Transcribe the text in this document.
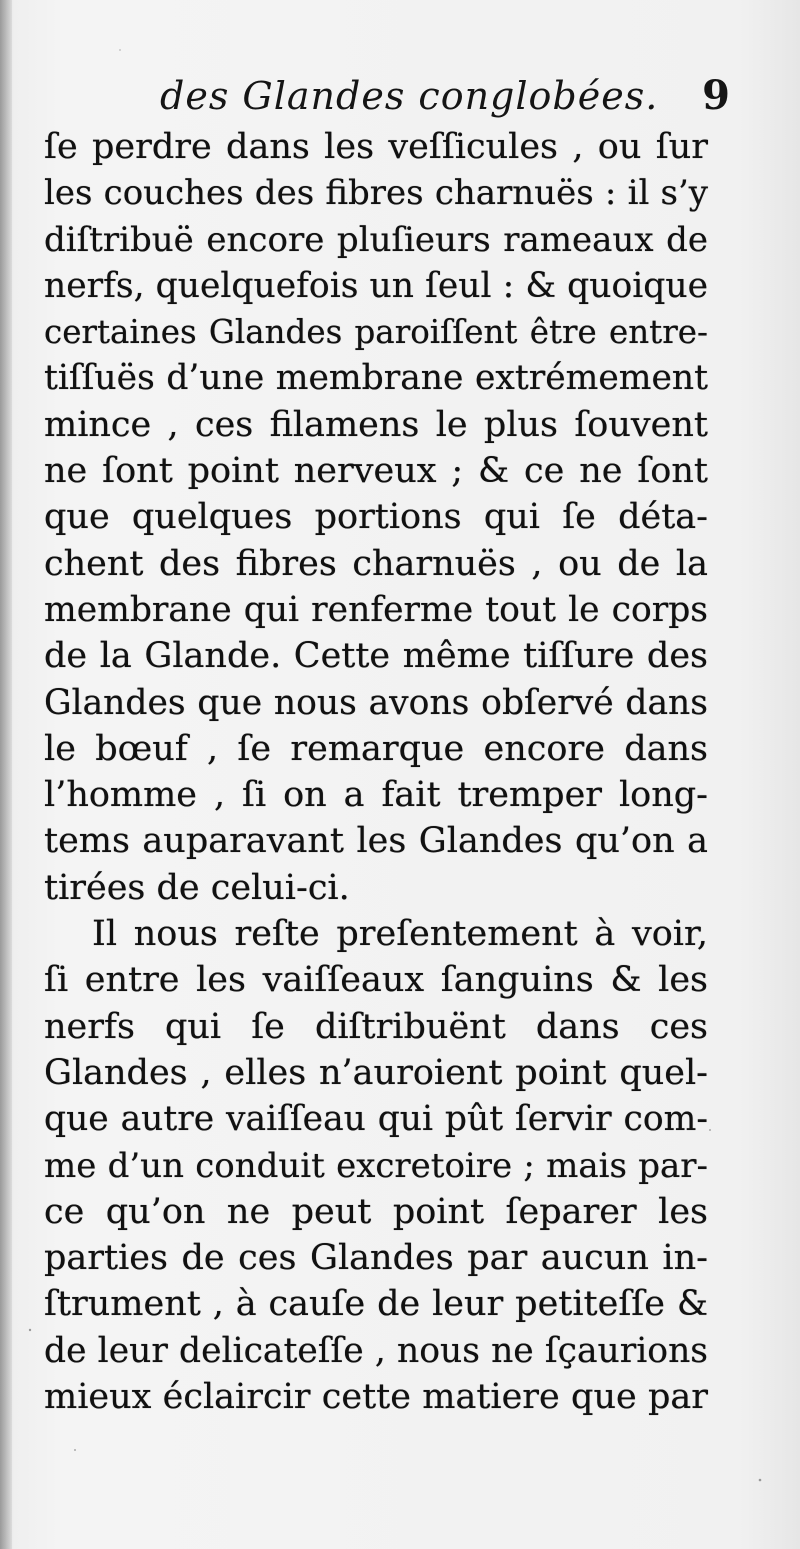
des Glandes conglobées. 9
ſe perdre dans les veſſicules , ou ſur
les couches des fibres charnuës : il s’y
diſtribuë encore pluſieurs rameaux de
nerfs, quelquefois un ſeul : & quoique
certaines Glandes paroiſſent être entre-
tiſſuës d’une membrane extrémement
mince , ces filamens le plus ſouvent
ne ſont point nerveux ; & ce ne ſont
que quelques portions qui ſe déta-
chent des fibres charnuës , ou de la
membrane qui renferme tout le corps
de la Glande. Cette même tiſſure des
Glandes que nous avons obſervé dans
le bœuf , ſe remarque encore dans
l’homme , ſi on a fait tremper long-
tems auparavant les Glandes qu’on a
tirées de celui-ci.
Il nous reſte preſentement à voir,
ſi entre les vaiſſeaux ſanguins & les
nerfs qui ſe diſtribuënt dans ces
Glandes , elles n’auroient point quel-
que autre vaiſſeau qui pût ſervir com-
me d’un conduit excretoire ; mais par-
ce qu’on ne peut point ſeparer les
parties de ces Glandes par aucun in-
ſtrument , à cauſe de leur petiteſſe &
de leur delicateſſe , nous ne ſçaurions
mieux éclaircir cette matiere que par
